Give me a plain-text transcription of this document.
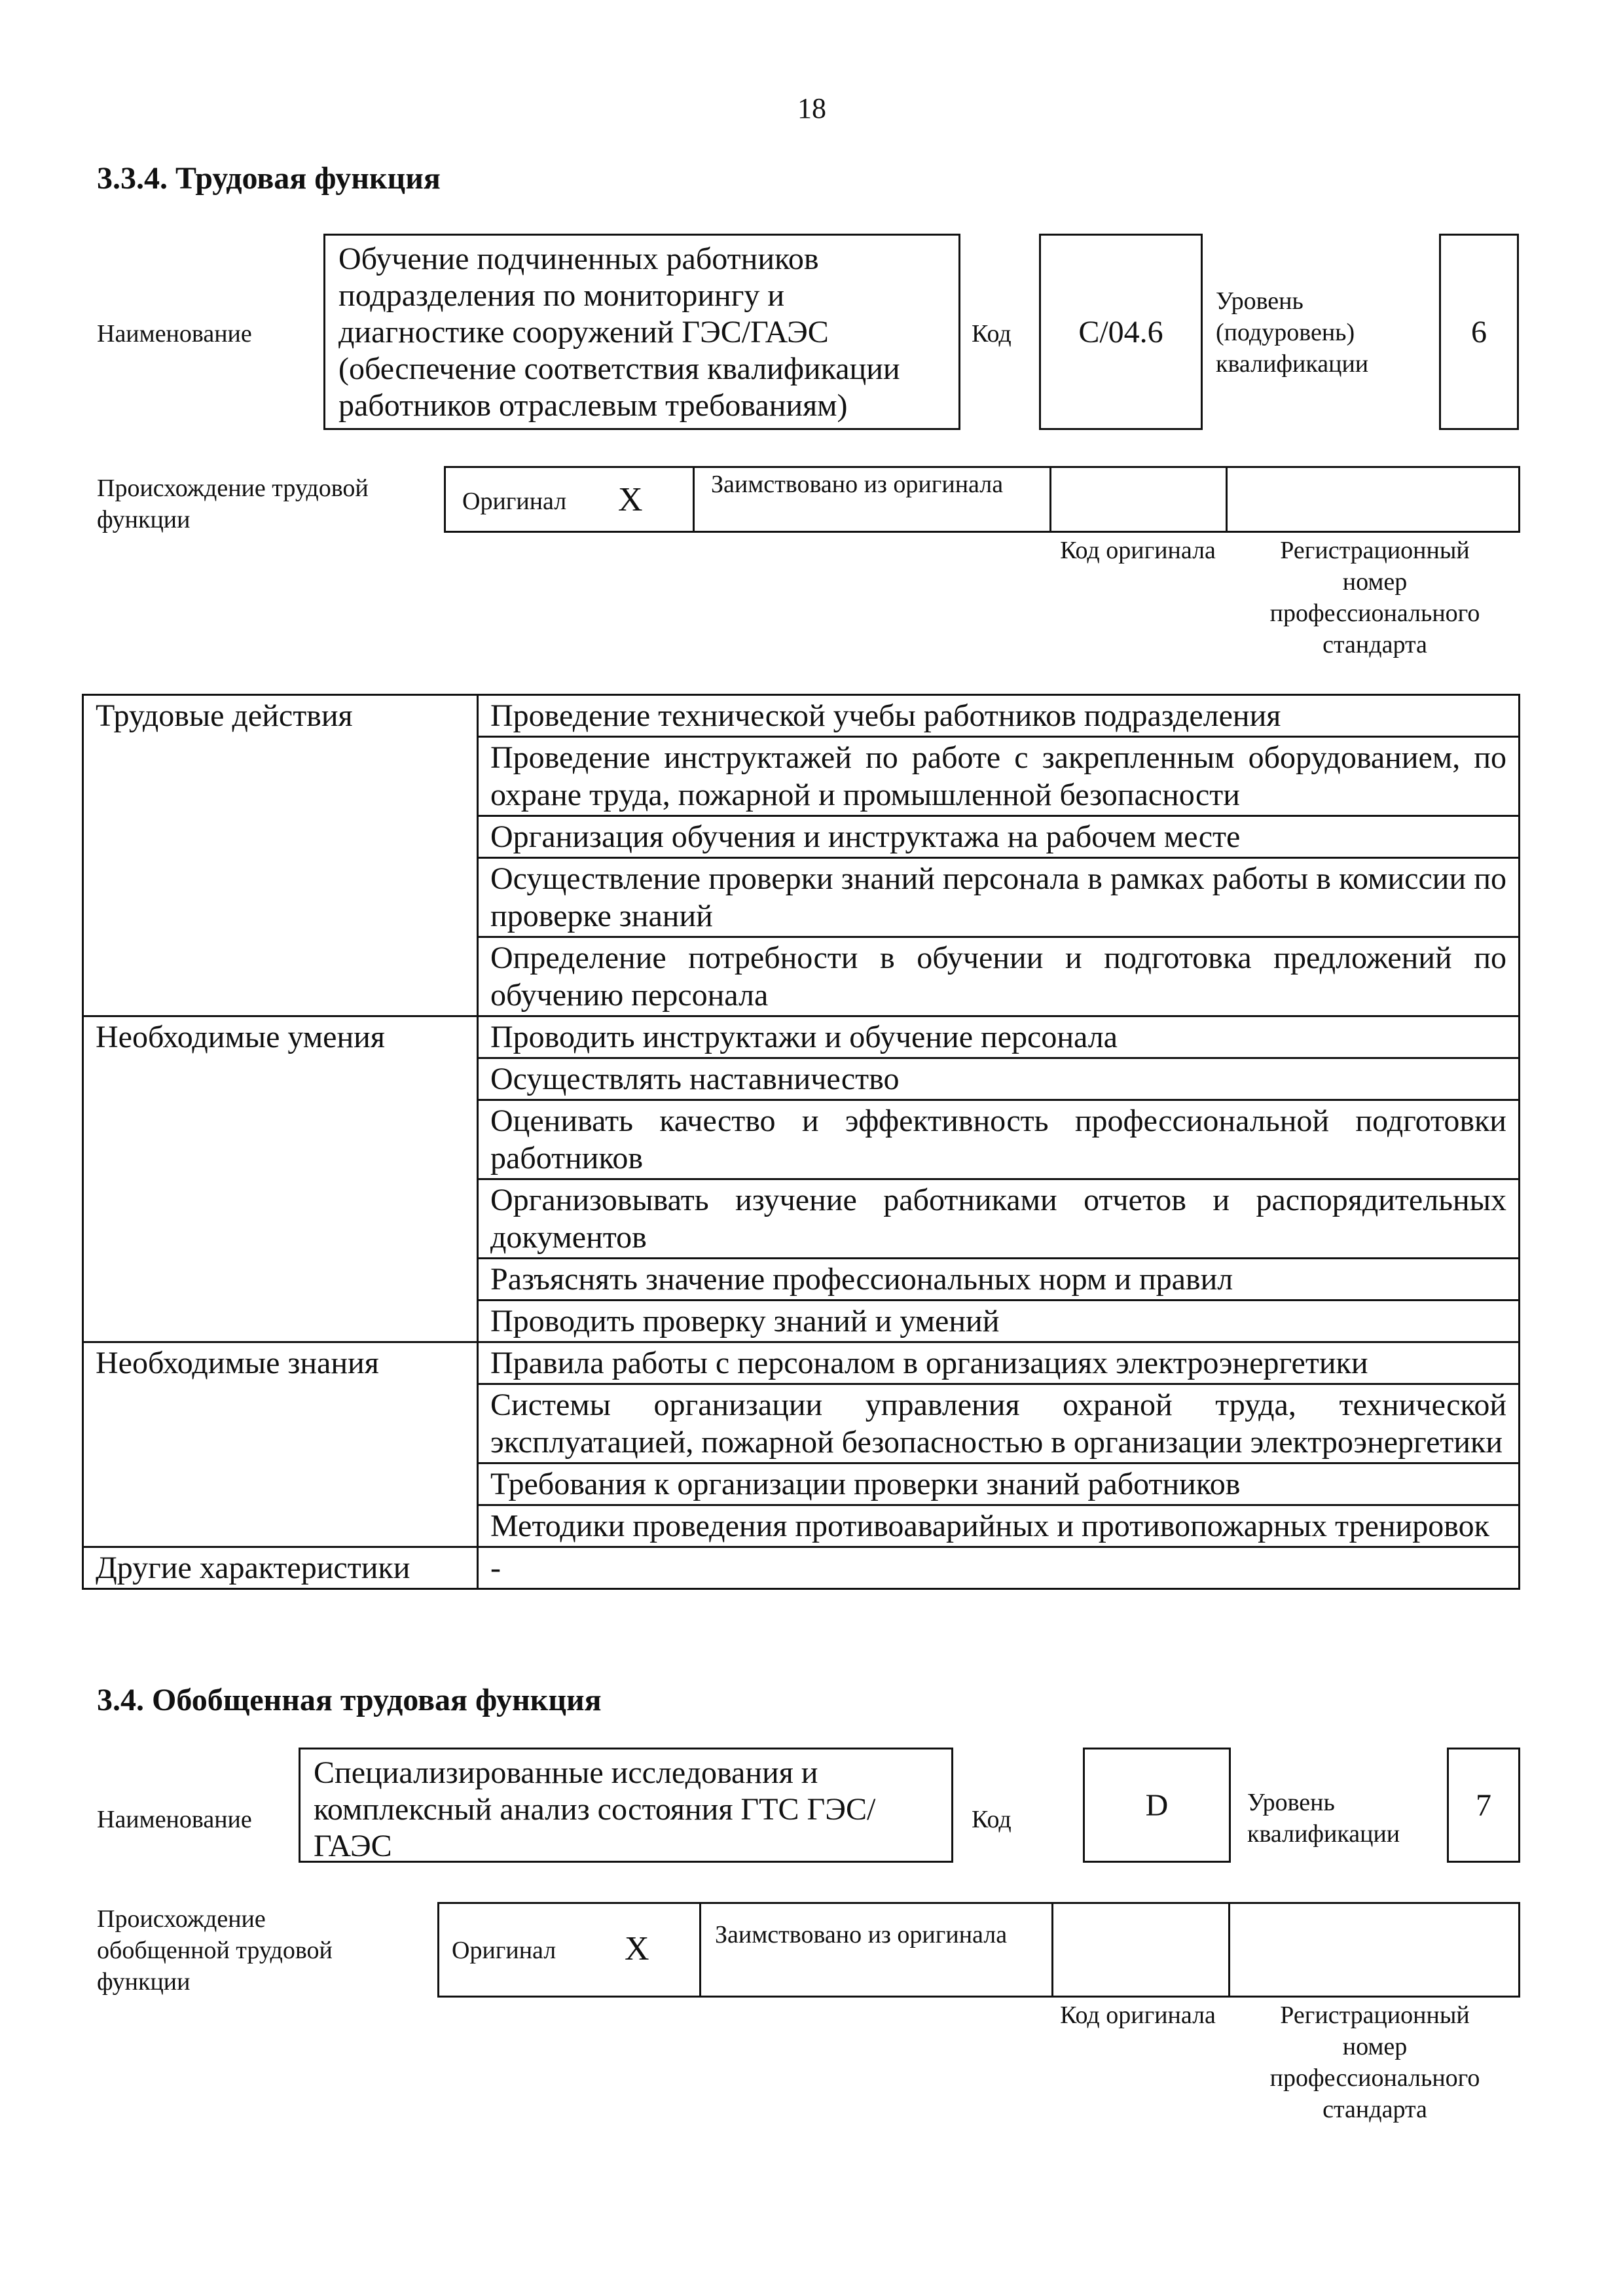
18
3.3.4. Трудовая функция
Наименование
Обучение подчиненных работников подразделения по мониторингу и диагностике сооружений ГЭС/ГАЭС (обеспечение соответствия квалификации работников отраслевым требованиям)
Код С/04.6
Уровень (подуровень) квалификации
6
Происхождение трудовой функции
Оригинал X	Заимствовано из оригинала
Код оригинала	Регистрационный номер профессионального стандарта
Трудовые действия	Проведение технической учебы работников подразделения
	Проведение инструктажей по работе с закрепленным оборудованием, по охране труда, пожарной и промышленной безопасности
	Организация обучения и инструктажа на рабочем месте
	Осуществление проверки знаний персонала в рамках работы в комиссии по проверке знаний
	Определение потребности в обучении и подготовка предложений по обучению персонала
Необходимые умения	Проводить инструктажи и обучение персонала
	Осуществлять наставничество
	Оценивать качество и эффективность профессиональной подготовки работников
	Организовывать изучение работниками отчетов и распорядительных документов
	Разъяснять значение профессиональных норм и правил
	Проводить проверку знаний и умений
Необходимые знания	Правила работы с персоналом в организациях электроэнергетики
	Системы организации управления охраной труда, технической эксплуатацией, пожарной безопасностью в организации электроэнергетики
	Требования к организации проверки знаний работников
	Методики проведения противоаварийных и противопожарных тренировок
Другие характеристики	-
3.4. Обобщенная трудовая функция
Наименование
Специализированные исследования и комплексный анализ состояния ГТС ГЭС/ГАЭС
Код	D	Уровень квалификации
7
Происхождение обобщенной трудовой функции
Оригинал X	Заимствовано из оригинала
Код оригинала	Регистрационный номер профессионального стандарта
